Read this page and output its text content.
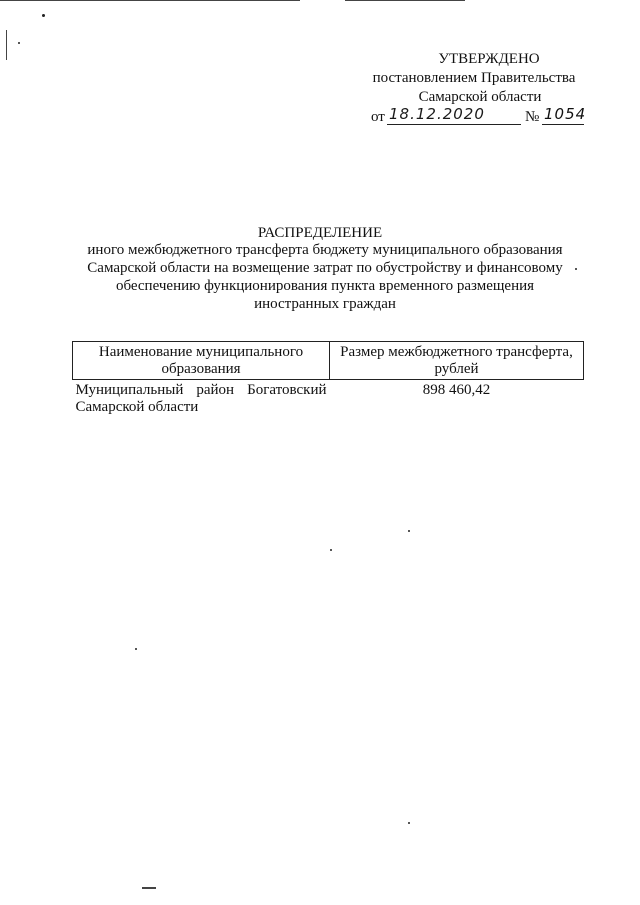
УТВЕРЖДЕНО
постановлением Правительства
Самарской области
от 18.12.2020	№ 1054
РАСПРЕДЕЛЕНИЕ
иного межбюджетного трансферта бюджету муниципального образования
Самарской области на возмещение затрат по обустройству и финансовому
обеспечению функционирования пункта временного размещения
иностранных граждан
Наименование муниципального образования	Размер межбюджетного трансферта, рублей

Муниципальный район Богатовский
Самарской области	898 460,42
